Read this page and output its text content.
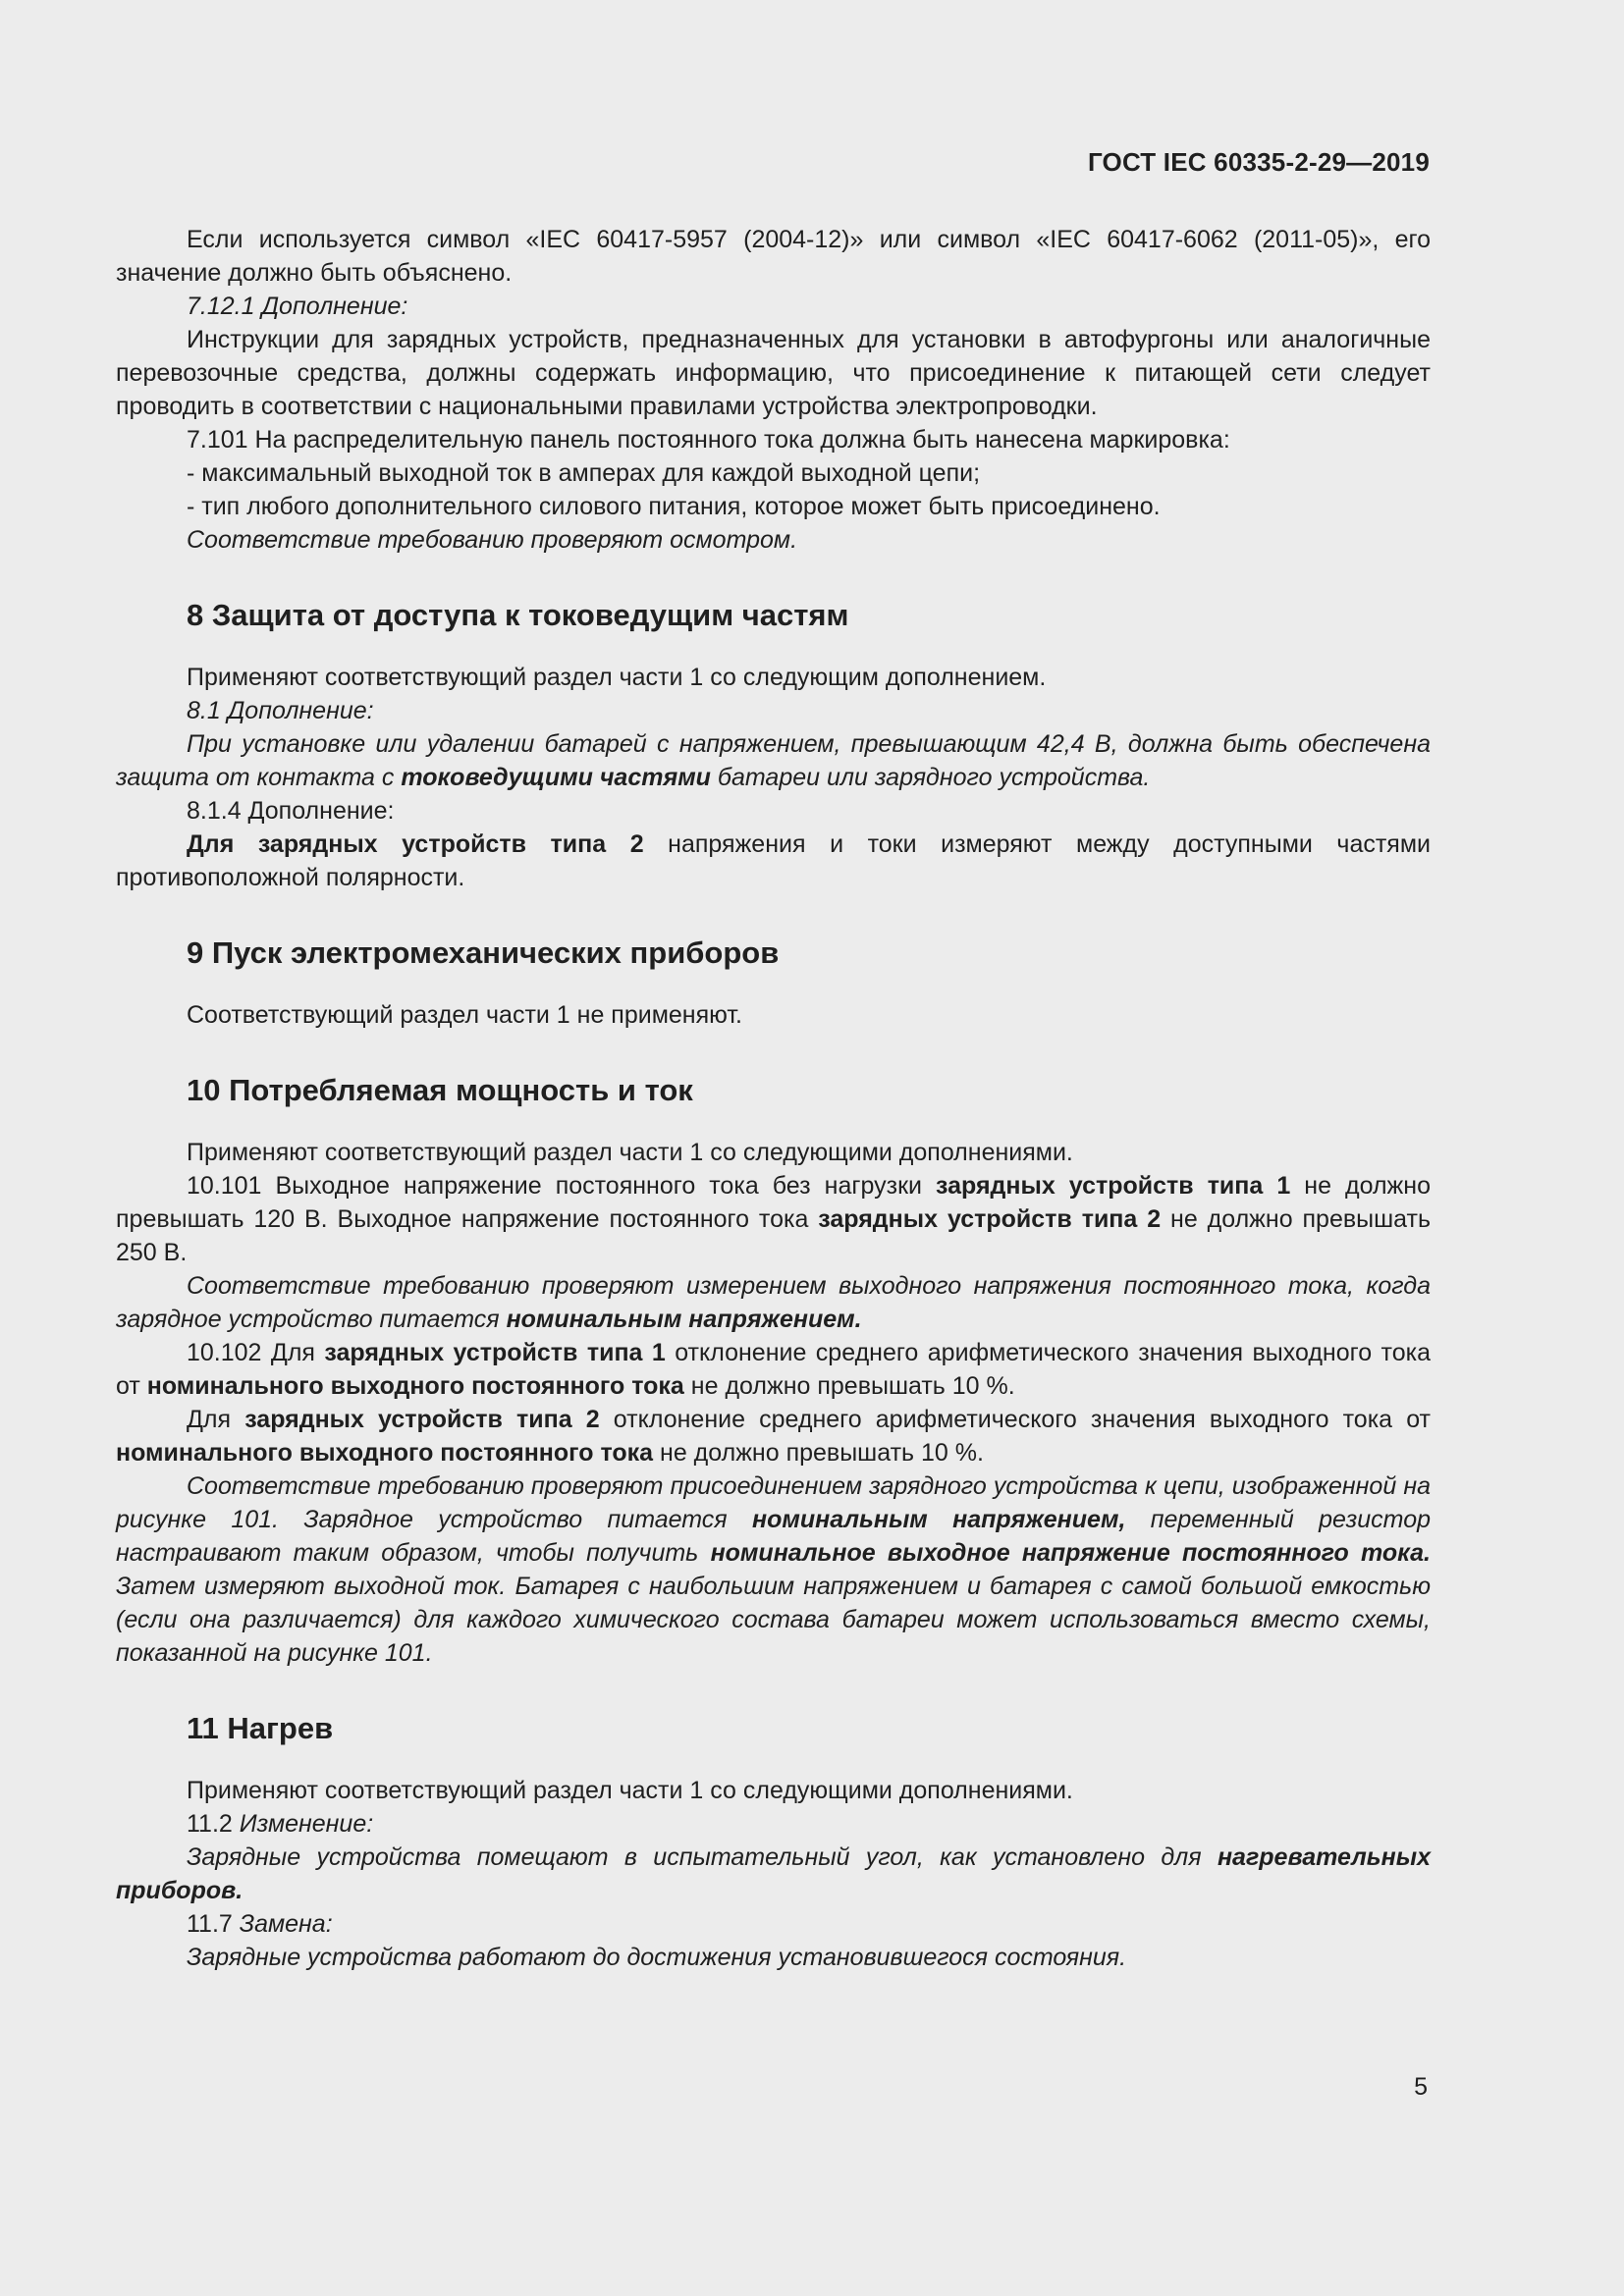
ГОСТ IEC 60335-2-29—2019

Если используется символ «IEC 60417-5957 (2004-12)» или символ «IEC 60417-6062 (2011-05)», его значение должно быть объяснено.

7.12.1 Дополнение:

Инструкции для зарядных устройств, предназначенных для установки в автофургоны или аналогичные перевозочные средства, должны содержать информацию, что присоединение к питающей сети следует проводить в соответствии с национальными правилами устройства электропроводки.

7.101 На распределительную панель постоянного тока должна быть нанесена маркировка:

- максимальный выходной ток в амперах для каждой выходной цепи;

- тип любого дополнительного силового питания, которое может быть присоединено.

Соответствие требованию проверяют осмотром.

8 Защита от доступа к токоведущим частям

Применяют соответствующий раздел части 1 со следующим дополнением.

8.1 Дополнение:

При установке или удалении батарей с напряжением, превышающим 42,4 В, должна быть обеспечена защита от контакта с токоведущими частями батареи или зарядного устройства.

8.1.4 Дополнение:

Для зарядных устройств типа 2 напряжения и токи измеряют между доступными частями противоположной полярности.

9 Пуск электромеханических приборов

Соответствующий раздел части 1 не применяют.

10 Потребляемая мощность и ток

Применяют соответствующий раздел части 1 со следующими дополнениями.

10.101 Выходное напряжение постоянного тока без нагрузки зарядных устройств типа 1 не должно превышать 120 В. Выходное напряжение постоянного тока зарядных устройств типа 2 не должно превышать 250 В.

Соответствие требованию проверяют измерением выходного напряжения постоянного тока, когда зарядное устройство питается номинальным напряжением.

10.102 Для зарядных устройств типа 1 отклонение среднего арифметического значения выходного тока от номинального выходного постоянного тока не должно превышать 10 %.

Для зарядных устройств типа 2 отклонение среднего арифметического значения выходного тока от номинального выходного постоянного тока не должно превышать 10 %.

Соответствие требованию проверяют присоединением зарядного устройства к цепи, изображенной на рисунке 101. Зарядное устройство питается номинальным напряжением, переменный резистор настраивают таким образом, чтобы получить номинальное выходное напряжение постоянного тока. Затем измеряют выходной ток. Батарея с наибольшим напряжением и батарея с самой большой емкостью (если она различается) для каждого химического состава батареи может использоваться вместо схемы, показанной на рисунке 101.

11 Нагрев

Применяют соответствующий раздел части 1 со следующими дополнениями.

11.2 Изменение:

Зарядные устройства помещают в испытательный угол, как установлено для нагревательных приборов.

11.7 Замена:

Зарядные устройства работают до достижения установившегося состояния.

5
